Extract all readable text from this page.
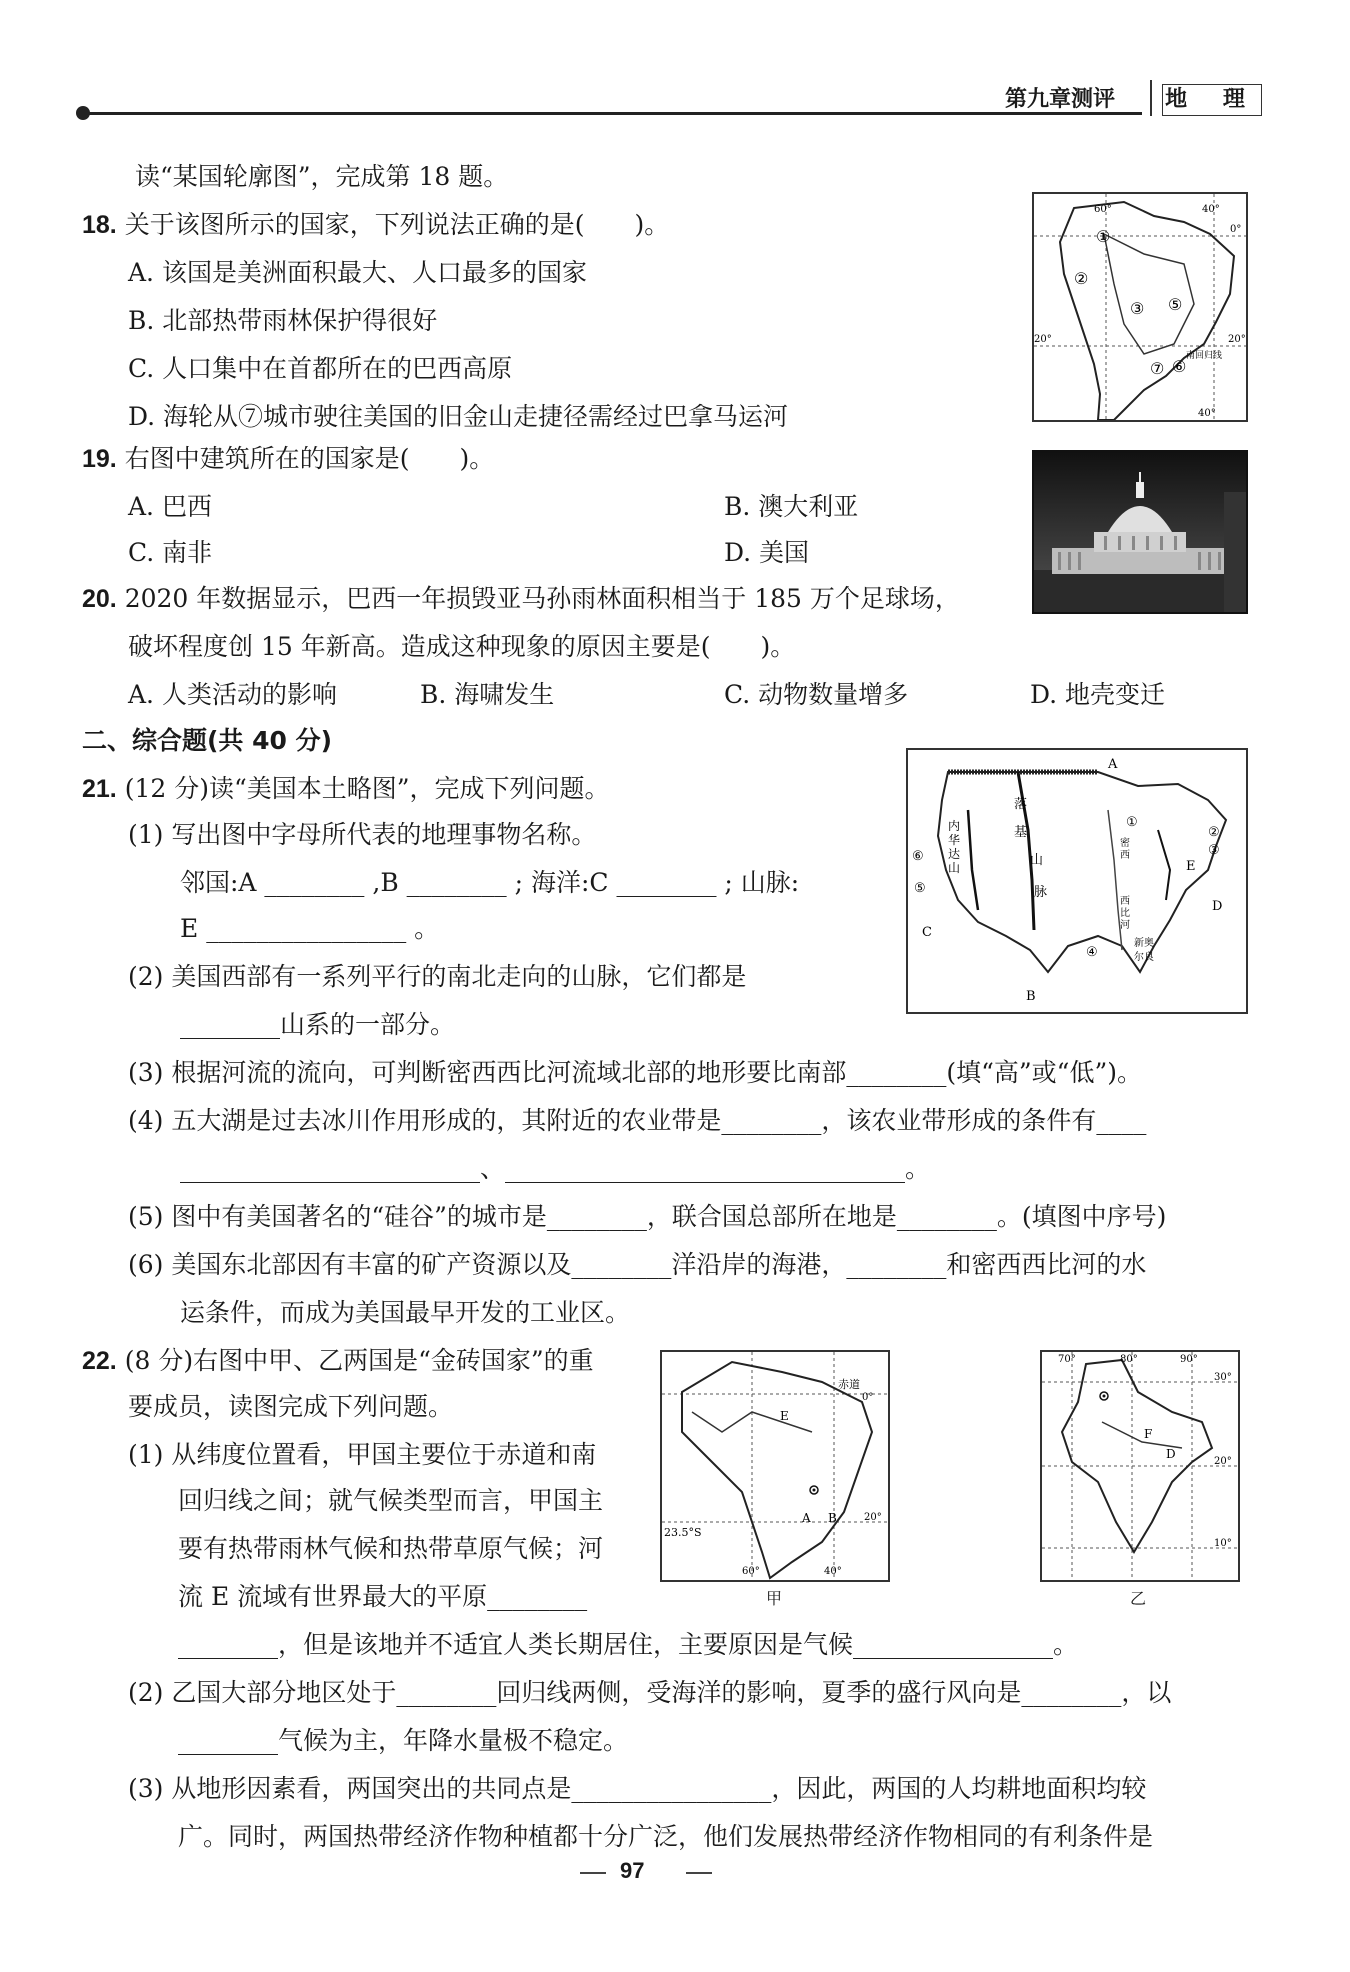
第九章测评 地 理
读“某国轮廓图”，完成第 18 题。
18. 关于该图所示的国家，下列说法正确的是(　　)。
A. 该国是美洲面积最大、人口最多的国家
B. 北部热带雨林保护得很好
C. 人口集中在首都所在的巴西高原
D. 海轮从⑦城市驶往美国的旧金山走捷径需经过巴拿马运河
60°	40°
0°
20°	20°
40°
①
②
③ ⑤
⑦ ⑥
南回归线
19. 右图中建筑所在的国家是(　　)。
A. 巴西	B. 澳大利亚
C. 南非	D. 美国
20. 2020 年数据显示，巴西一年损毁亚马孙雨林面积相当于 185 万个足球场，
破坏程度创 15 年新高。造成这种现象的原因主要是(　　)。
A. 人类活动的影响	B. 海啸发生	C. 动物数量增多	D. 地壳变迁
二、综合题(共 40 分)
21. (12 分)读“美国本土略图”，完成下列问题。
(1) 写出图中字母所代表的地理事物名称。
邻国:A ________ ,B ________ ; 海洋:C ________ ; 山脉:
E ________________ 。
(2) 美国西部有一系列平行的南北走向的山脉，它们都是
________山系的一部分。
(3) 根据河流的流向，可判断密西西比河流域北部的地形要比南部________(填“高”或“低”)。
(4) 五大湖是过去冰川作用形成的，其附近的农业带是________，该农业带形成的条件有____
________________________、________________________________。
(5) 图中有美国著名的“硅谷”的城市是________，联合国总部所在地是________。(填图中序号)
(6) 美国东北部因有丰富的矿产资源以及________洋沿岸的海港，________和密西西比河的水
运条件，而成为美国最早开发的工业区。
A
B
C
D
E
内
华
达
山
落
基
山
脉
密
西
西
比
河
新奥
尔良
①
②
③
④
⑤
⑥
22. (8 分)右图中甲、乙两国是“金砖国家”的重
要成员，读图完成下列问题。
(1) 从纬度位置看，甲国主要位于赤道和南
回归线之间；就气候类型而言，甲国主
要有热带雨林气候和热带草原气候；河
流 E 流域有世界最大的平原________
________，但是该地并不适宜人类长期居住，主要原因是气候________________。
(2) 乙国大部分地区处于________回归线两侧，受海洋的影响，夏季的盛行风向是________，以
________气候为主，年降水量极不稳定。
(3) 从地形因素看，两国突出的共同点是________________，因此，两国的人均耕地面积均较
广。同时，两国热带经济作物种植都十分广泛，他们发展热带经济作物相同的有利条件是
赤道
0°
20°
23.5°S
60°	40°
E
A B
甲
70°	80°	90°
30°
20°
10°
F
D
乙
97
